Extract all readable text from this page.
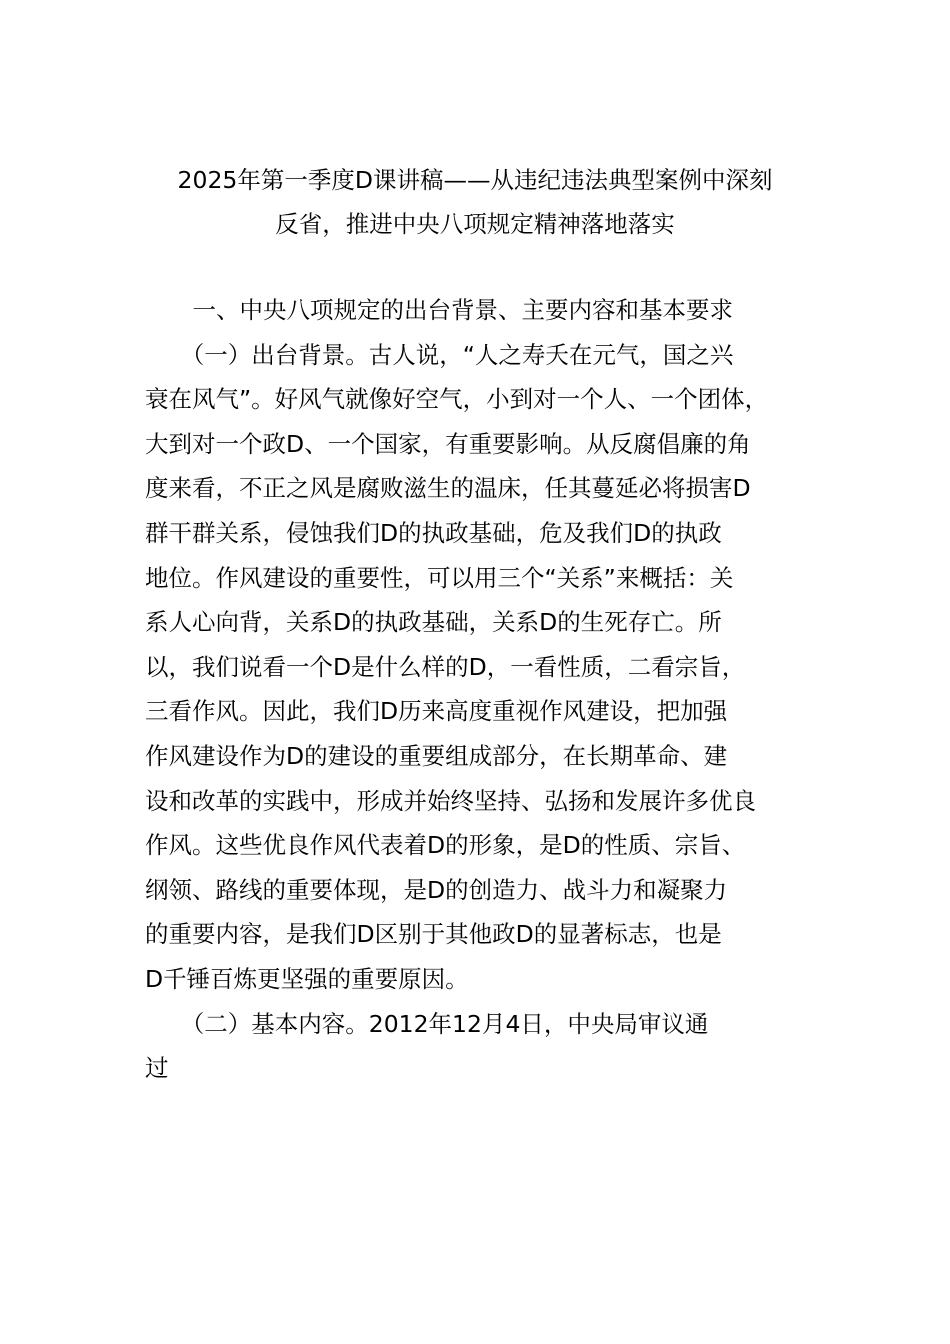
2025年第一季度D课讲稿——从违纪违法典型案例中深刻
反省，推进中央八项规定精神落地落实
　一、中央八项规定的出台背景、主要内容和基本要求
　（一）出台背景。古人说，“人之寿夭在元气，国之兴
衰在风气”。好风气就像好空气，小到对一个人、一个团体，
大到对一个政D、一个国家，有重要影响。从反腐倡廉的角
度来看，不正之风是腐败滋生的温床，任其蔓延必将损害D
群干群关系，侵蚀我们D的执政基础，危及我们D的执政
地位。作风建设的重要性，可以用三个“关系”来概括：关
系人心向背，关系D的执政基础，关系D的生死存亡。所
以，我们说看一个D是什么样的D，一看性质，二看宗旨，
三看作风。因此，我们D历来高度重视作风建设，把加强
作风建设作为D的建设的重要组成部分，在长期革命、建
设和改革的实践中，形成并始终坚持、弘扬和发展许多优良
作风。这些优良作风代表着D的形象，是D的性质、宗旨、
纲领、路线的重要体现，是D的创造力、战斗力和凝聚力
的重要内容，是我们D区别于其他政D的显著标志，也是
D千锤百炼更坚强的重要原因。
　（二）基本内容。2012年12月4日，中央局审议通
过
